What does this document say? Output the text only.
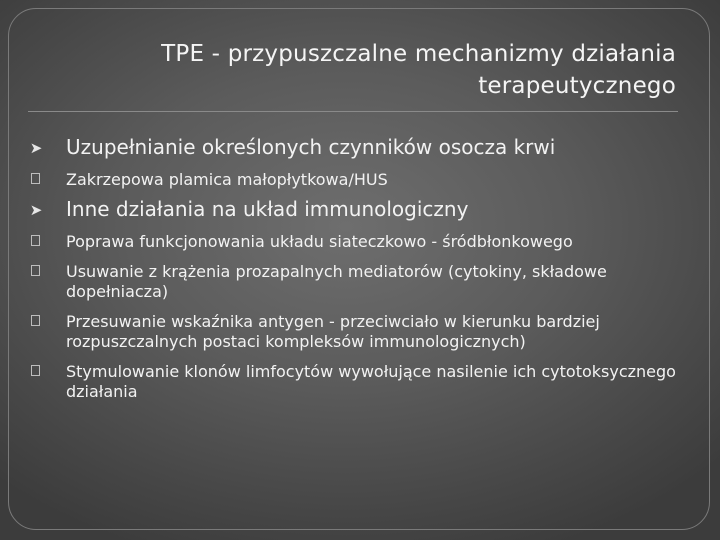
TPE - przypuszczalne mechanizmy działania
terapeutycznego
➤ Uzupełnianie określonych czynników osocza krwi
Zakrzepowa plamica małopłytkowa/HUS
➤ Inne działania na układ immunologiczny
Poprawa funkcjonowania układu siateczkowo - śródbłonkowego
Usuwanie z krążenia prozapalnych mediatorów (cytokiny, składowe dopełniacza)
Przesuwanie wskaźnika antygen - przeciwciało w kierunku bardziej rozpuszczalnych postaci kompleksów immunologicznych)
Stymulowanie klonów limfocytów wywołujące nasilenie ich cytotoksycznego działania
